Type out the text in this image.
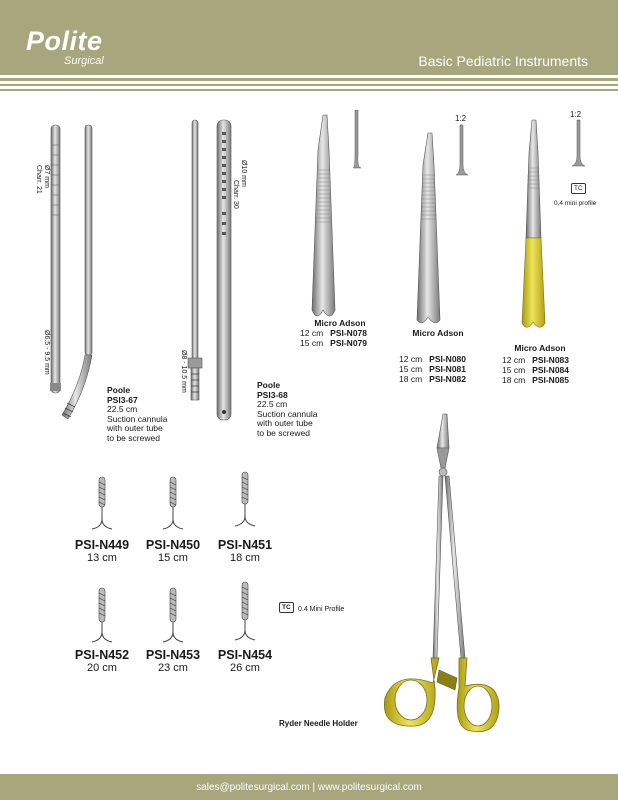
Polite
Surgical	Basic Pediatric Instruments
Ø7 mm
Charr. 21
Ø6.5 - 9.5 mm
Poole
PSI3-67
22.5 cm
Suction cannula
with outer tube
to be screwed
Ø10 mm
Charr. 30
Ø8 - 10.5 mm	Poole
PSI3-68
22.5 cm
Suction cannula
with outer tube
to be screwed
Micro Adson
12 cm	PSI-N078
15 cm	PSI-N079
1:2
Micro Adson
12 cm	PSI-N080
15 cm	PSI-N081
18 cm	PSI-N082
1:2
TC
0,4 mini profile
Micro Adson
12 cm	PSI-N083
15 cm	PSI-N084
18 cm	PSI-N085
PSI-N449
13 cm
PSI-N450
15 cm
PSI-N451
18 cm
PSI-N452
20 cm
PSI-N453
23 cm
PSI-N454
26 cm
TC	0.4 Mini Profile
Ryder Needle Holder
sales@politesurgical.com | www.politesurgical.com
